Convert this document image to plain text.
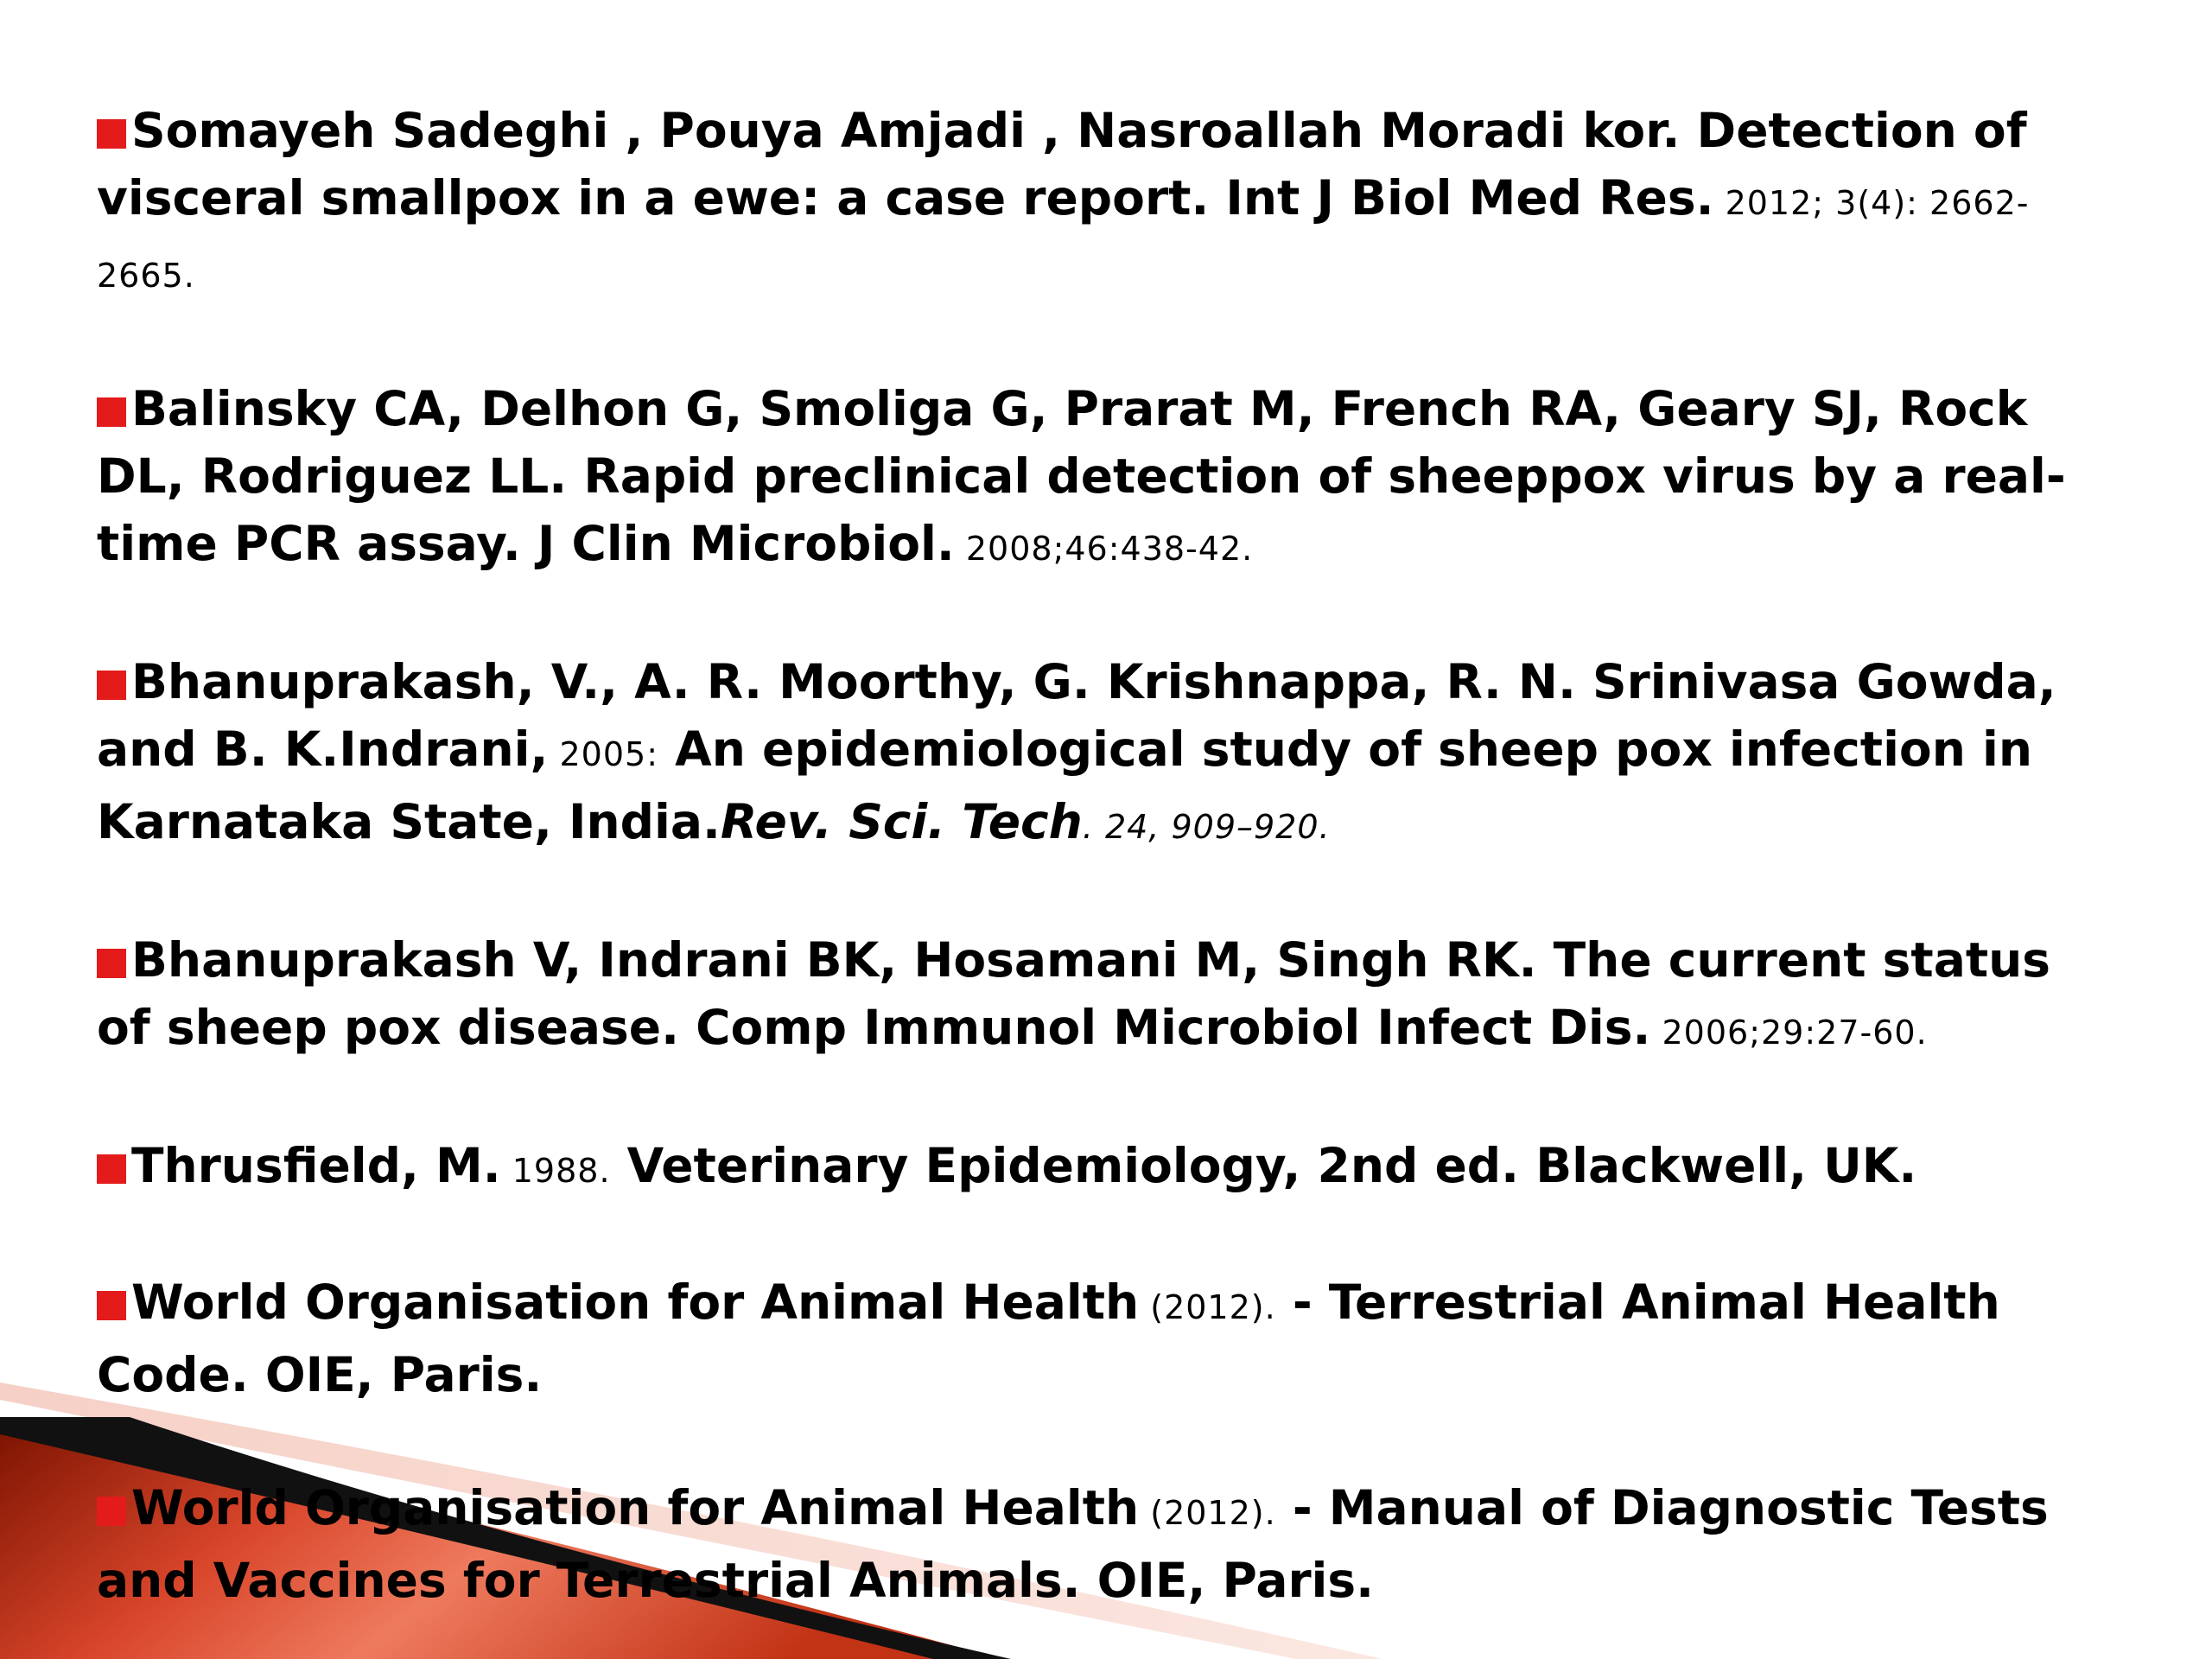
Somayeh Sadeghi , Pouya Amjadi , Nasroallah Moradi kor. Detection of visceral smallpox in a ewe: a case report. Int J Biol Med Res. 2012; 3(4): 2662-2665.
Balinsky CA, Delhon G, Smoliga G, Prarat M, French RA, Geary SJ, Rock DL, Rodriguez LL. Rapid preclinical detection of sheeppox virus by a real-time PCR assay. J Clin Microbiol. 2008;46:438-42.
Bhanuprakash, V., A. R. Moorthy, G. Krishnappa, R. N. Srinivasa Gowda, and B. K.Indrani, 2005: An epidemiological study of sheep pox infection in Karnataka State, India.Rev. Sci. Tech. 24, 909–920.
Bhanuprakash V, Indrani BK, Hosamani M, Singh RK. The current status of sheep pox disease. Comp Immunol Microbiol Infect Dis. 2006;29:27-60.
Thrusfield, M. 1988. Veterinary Epidemiology, 2nd ed. Blackwell, UK.
World Organisation for Animal Health (2012). - Terrestrial Animal Health Code. OIE, Paris.
World Organisation for Animal Health (2012). - Manual of Diagnostic Tests and Vaccines for Terrestrial Animals. OIE, Paris.
